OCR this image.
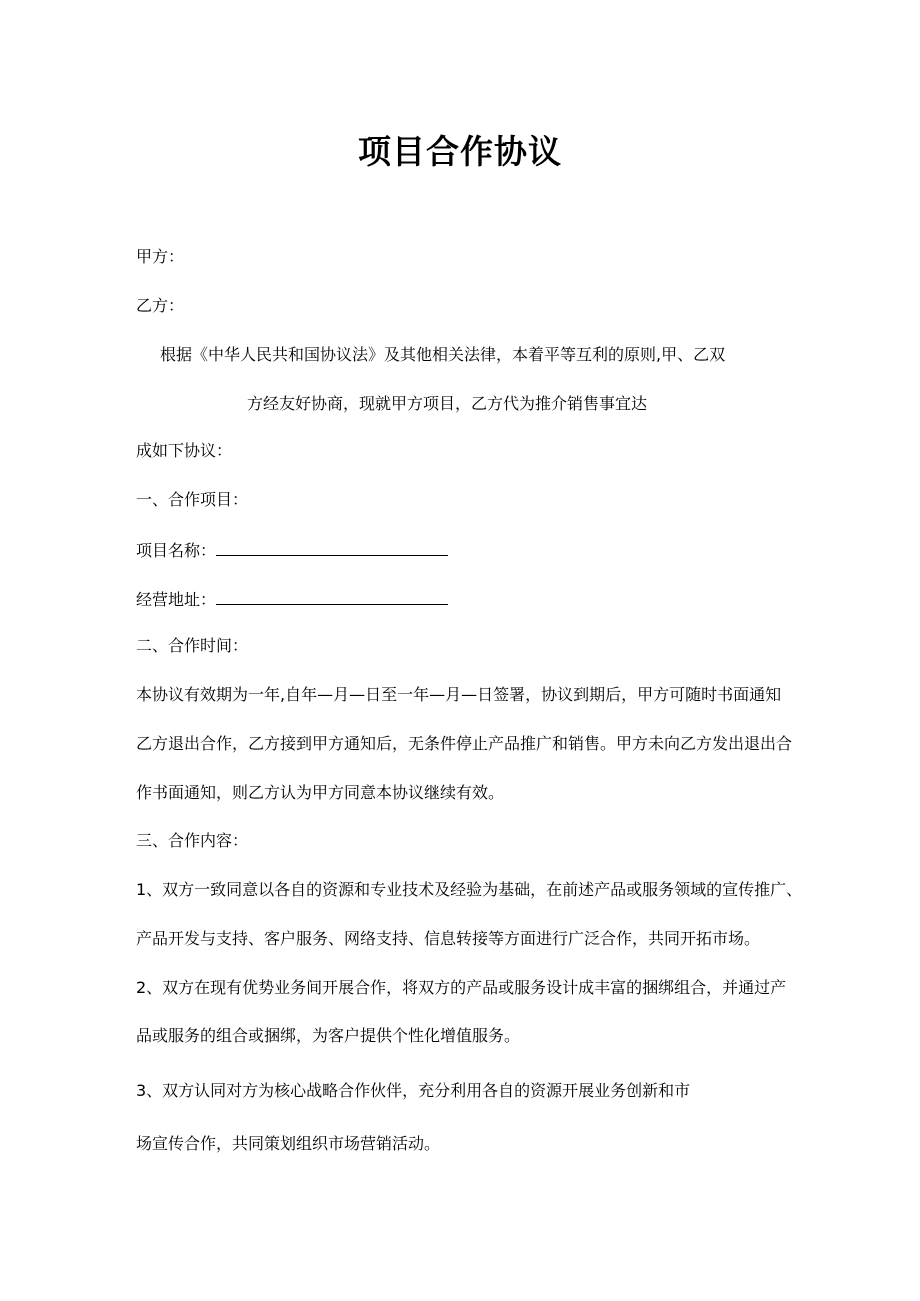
项目合作协议
甲方：
乙方：
根据《中华人民共和国协议法》及其他相关法律，本着平等互利的原则,甲、乙双
方经友好协商，现就甲方项目，乙方代为推介销售事宜达
成如下协议：
一、合作项目：
项目名称：
经营地址：
二、合作时间：
本协议有效期为一年,自年—月—日至一年—月—日签署，协议到期后，甲方可随时书面通知
乙方退出合作，乙方接到甲方通知后，无条件停止产品推广和销售。甲方未向乙方发出退出合
作书面通知，则乙方认为甲方同意本协议继续有效。
三、合作内容：
1、双方一致同意以各自的资源和专业技术及经验为基础，在前述产品或服务领域的宣传推广、
产品开发与支持、客户服务、网络支持、信息转接等方面进行广泛合作，共同开拓市场。
2、双方在现有优势业务间开展合作，将双方的产品或服务设计成丰富的捆绑组合，并通过产
品或服务的组合或捆绑，为客户提供个性化增值服务。
3、双方认同对方为核心战略合作伙伴，充分利用各自的资源开展业务创新和市
场宣传合作，共同策划组织市场营销活动。
